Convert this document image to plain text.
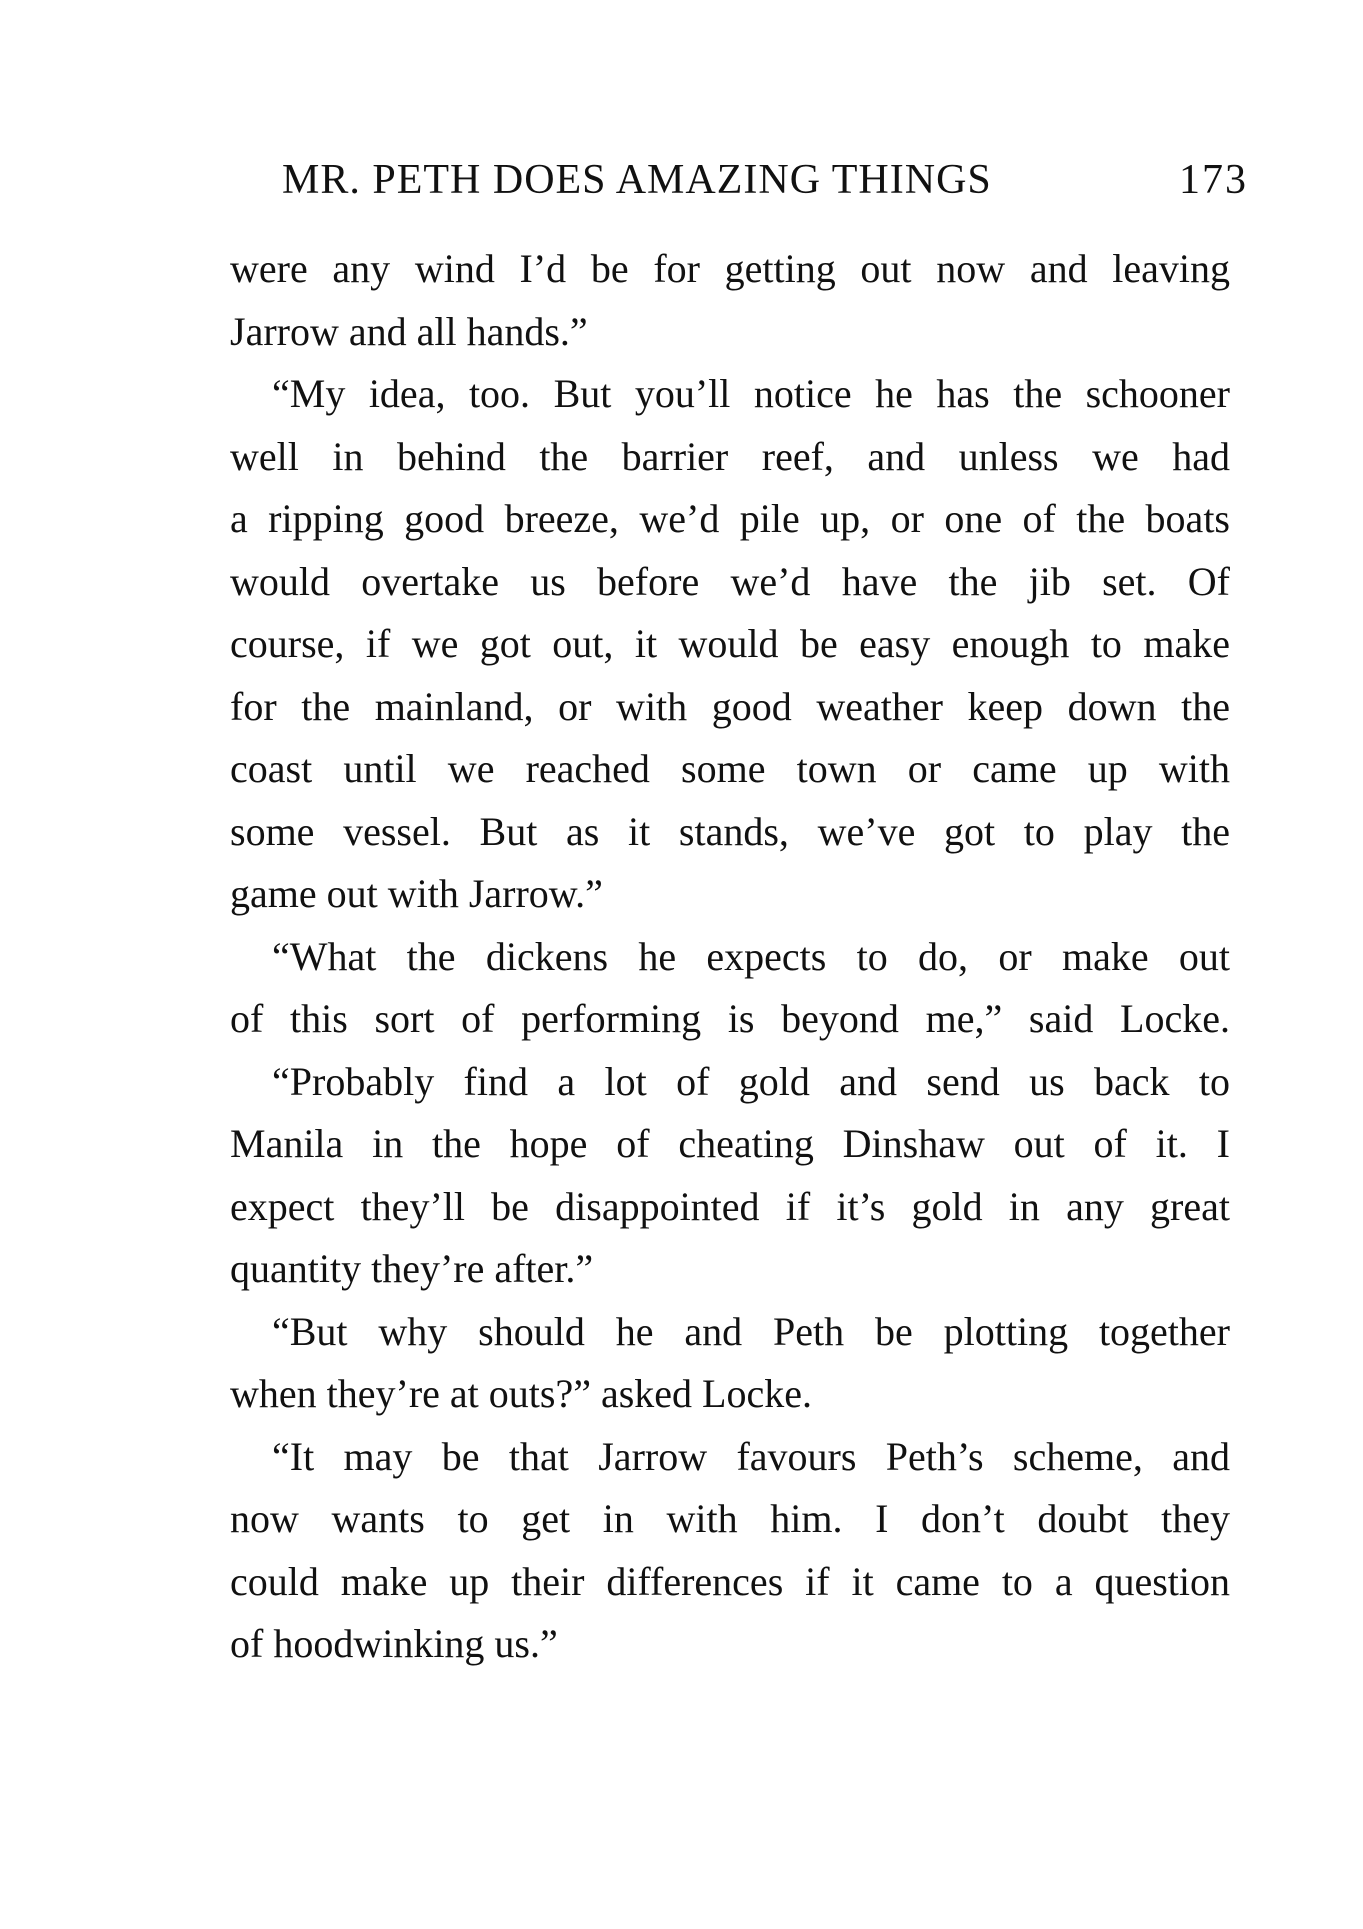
MR. PETH DOES AMAZING THINGS	173
were any wind I’d be for getting out now and leaving
Jarrow and all hands.”
“My idea, too. But you’ll notice he has the schooner
well in behind the barrier reef, and unless we had
a ripping good breeze, we’d pile up, or one of the boats
would overtake us before we’d have the jib set. Of
course, if we got out, it would be easy enough to make
for the mainland, or with good weather keep down the
coast until we reached some town or came up with
some vessel. But as it stands, we’ve got to play the
game out with Jarrow.”
“What the dickens he expects to do, or make out
of this sort of performing is beyond me,” said Locke.
“Probably find a lot of gold and send us back to
Manila in the hope of cheating Dinshaw out of it. I
expect they’ll be disappointed if it’s gold in any great
quantity they’re after.”
“But why should he and Peth be plotting together
when they’re at outs?” asked Locke.
“It may be that Jarrow favours Peth’s scheme, and
now wants to get in with him. I don’t doubt they
could make up their differences if it came to a question
of hoodwinking us.”
